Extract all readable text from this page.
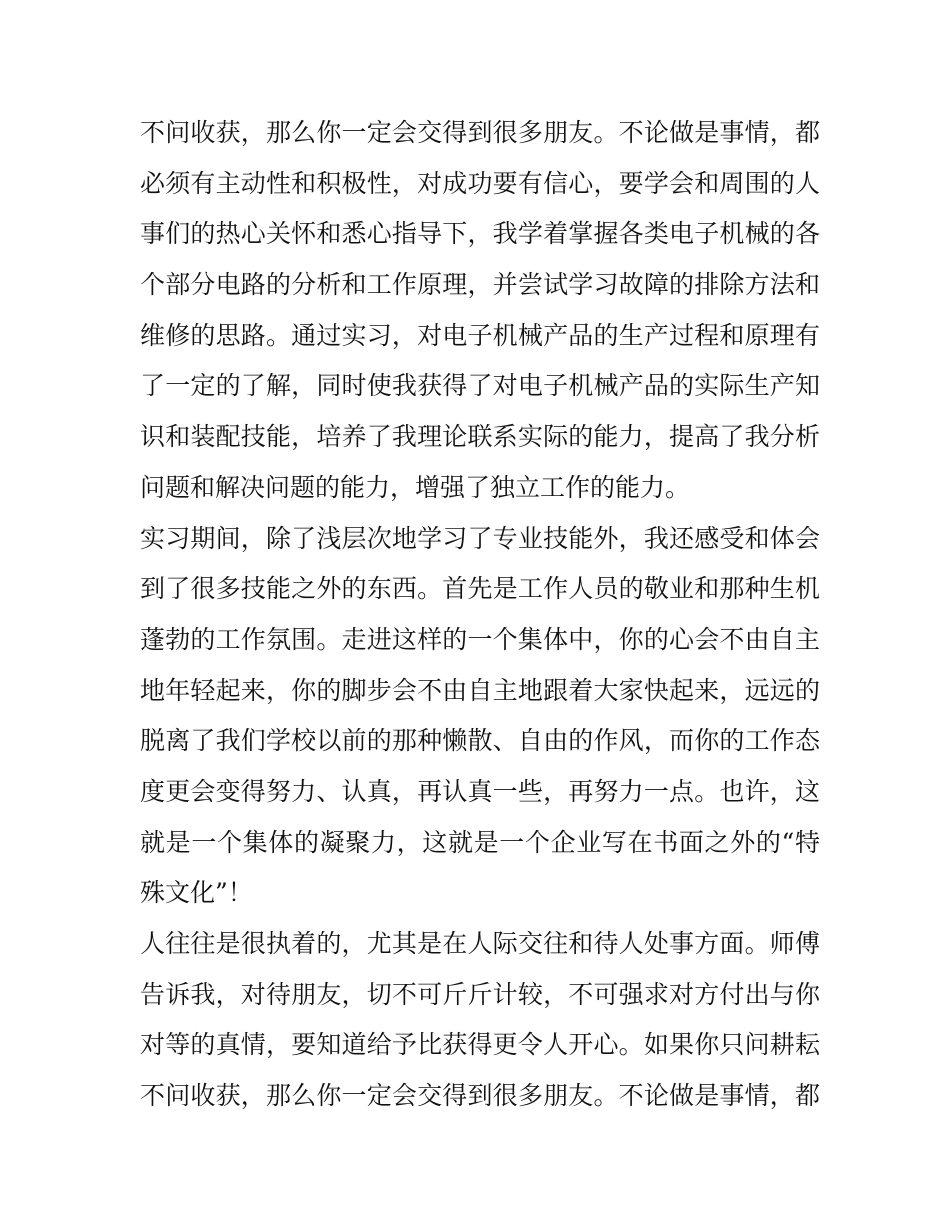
不问收获，那么你一定会交得到很多朋友。不论做是事情，都
必须有主动性和积极性，对成功要有信心，要学会和周围的人
事们的热心关怀和悉心指导下，我学着掌握各类电子机械的各
个部分电路的分析和工作原理，并尝试学习故障的排除方法和
维修的思路。通过实习，对电子机械产品的生产过程和原理有
了一定的了解，同时使我获得了对电子机械产品的实际生产知
识和装配技能，培养了我理论联系实际的能力，提高了我分析
问题和解决问题的能力，增强了独立工作的能力。
实习期间，除了浅层次地学习了专业技能外，我还感受和体会
到了很多技能之外的东西。首先是工作人员的敬业和那种生机
蓬勃的工作氛围。走进这样的一个集体中，你的心会不由自主
地年轻起来，你的脚步会不由自主地跟着大家快起来，远远的
脱离了我们学校以前的那种懒散、自由的作风，而你的工作态
度更会变得努力、认真，再认真一些，再努力一点。也许，这
就是一个集体的凝聚力，这就是一个企业写在书面之外的“特
殊文化”！
人往往是很执着的，尤其是在人际交往和待人处事方面。师傅
告诉我，对待朋友，切不可斤斤计较，不可强求对方付出与你
对等的真情，要知道给予比获得更令人开心。如果你只问耕耘
不问收获，那么你一定会交得到很多朋友。不论做是事情，都
